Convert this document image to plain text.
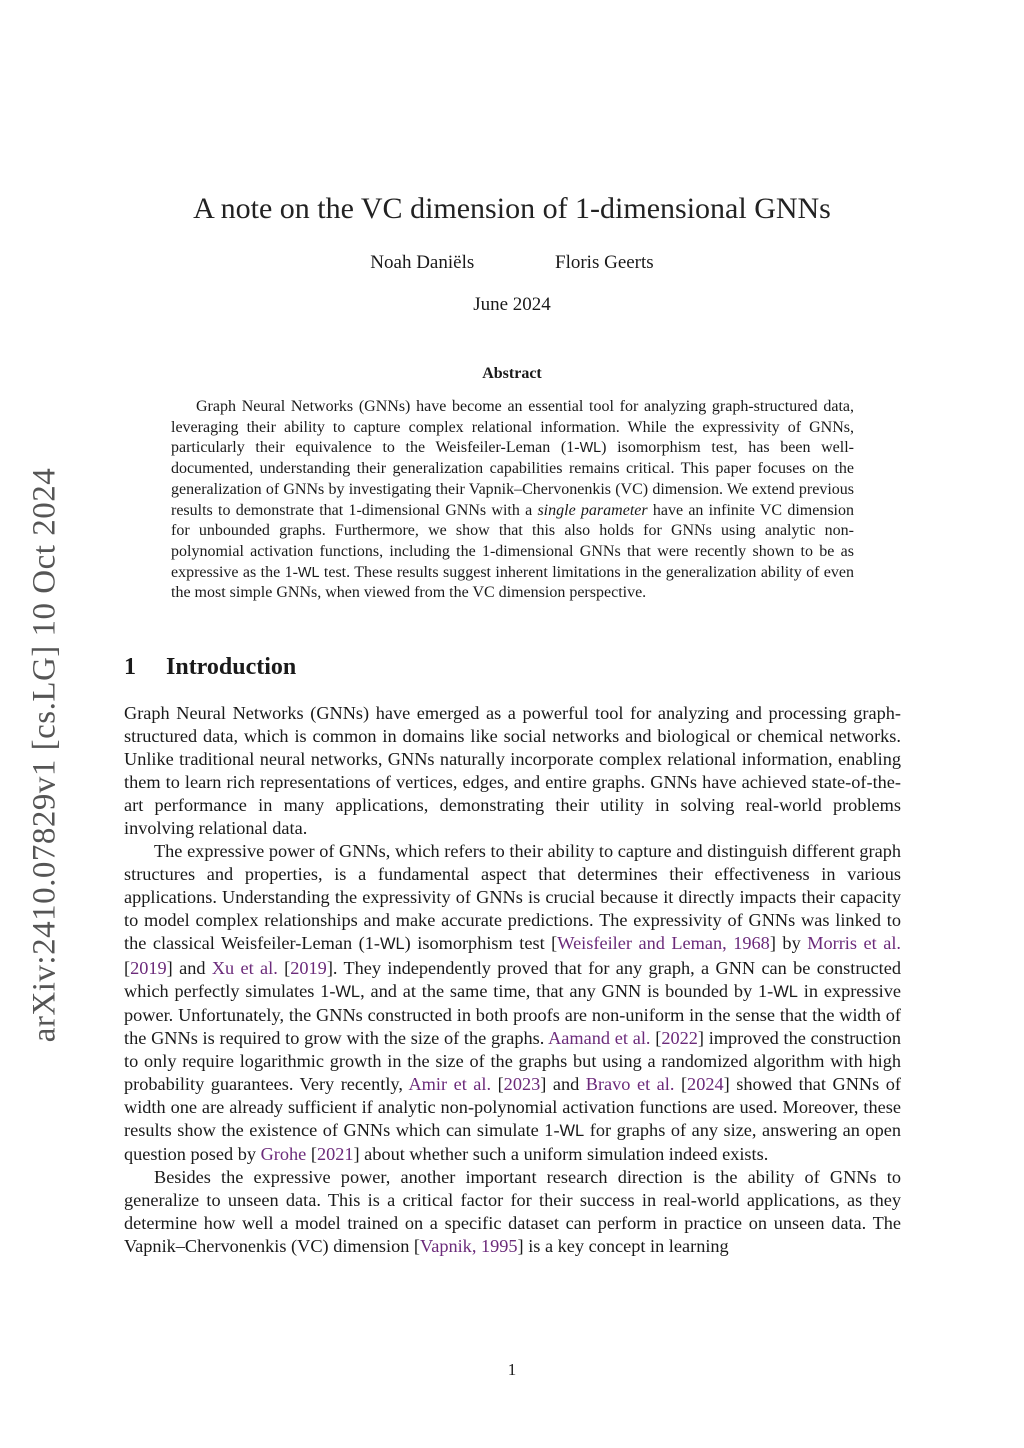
arXiv:2410.07829v1 [cs.LG] 10 Oct 2024
A note on the VC dimension of 1-dimensional GNNs
Noah Daniëls	Floris Geerts
June 2024
Abstract

Graph Neural Networks (GNNs) have become an essential tool for analyzing graph-structured data, leveraging their ability to capture complex relational information. While the expressivity of GNNs, particularly their equivalence to the Weisfeiler-Leman (1-WL) isomorphism test, has been well-documented, understanding their generalization capabilities remains critical. This paper focuses on the generalization of GNNs by investigating their Vapnik–Chervonenkis (VC) dimension. We extend previous results to demonstrate that 1-dimensional GNNs with a single parameter have an infinite VC dimension for unbounded graphs. Furthermore, we show that this also holds for GNNs using analytic non-polynomial activation functions, including the 1-dimensional GNNs that were recently shown to be as expressive as the 1-WL test. These results suggest inherent limitations in the generalization ability of even the most simple GNNs, when viewed from the VC dimension perspective.

1 Introduction

Graph Neural Networks (GNNs) have emerged as a powerful tool for analyzing and processing graph-structured data, which is common in domains like social networks and biological or chemical networks. Unlike traditional neural networks, GNNs naturally incorporate complex relational information, enabling them to learn rich representations of vertices, edges, and entire graphs. GNNs have achieved state-of-the-art performance in many applications, demonstrating their utility in solving real-world problems involving relational data.

The expressive power of GNNs, which refers to their ability to capture and distinguish different graph structures and properties, is a fundamental aspect that determines their effectiveness in various applications. Understanding the expressivity of GNNs is crucial because it directly impacts their capacity to model complex relationships and make accurate predictions. The expressivity of GNNs was linked to the classical Weisfeiler-Leman (1-WL) isomorphism test [Weisfeiler and Leman, 1968] by Morris et al. [2019] and Xu et al. [2019]. They independently proved that for any graph, a GNN can be constructed which perfectly simulates 1-WL, and at the same time, that any GNN is bounded by 1-WL in expressive power. Unfortunately, the GNNs constructed in both proofs are non-uniform in the sense that the width of the GNNs is required to grow with the size of the graphs. Aamand et al. [2022] improved the construction to only require logarithmic growth in the size of the graphs but using a randomized algorithm with high probability guarantees. Very recently, Amir et al. [2023] and Bravo et al. [2024] showed that GNNs of width one are already sufficient if analytic non-polynomial activation functions are used. Moreover, these results show the existence of GNNs which can simulate 1-WL for graphs of any size, answering an open question posed by Grohe [2021] about whether such a uniform simulation indeed exists.

Besides the expressive power, another important research direction is the ability of GNNs to generalize to unseen data. This is a critical factor for their success in real-world applications, as they determine how well a model trained on a specific dataset can perform in practice on unseen data. The Vapnik–Chervonenkis (VC) dimension [Vapnik, 1995] is a key concept in learning

1
